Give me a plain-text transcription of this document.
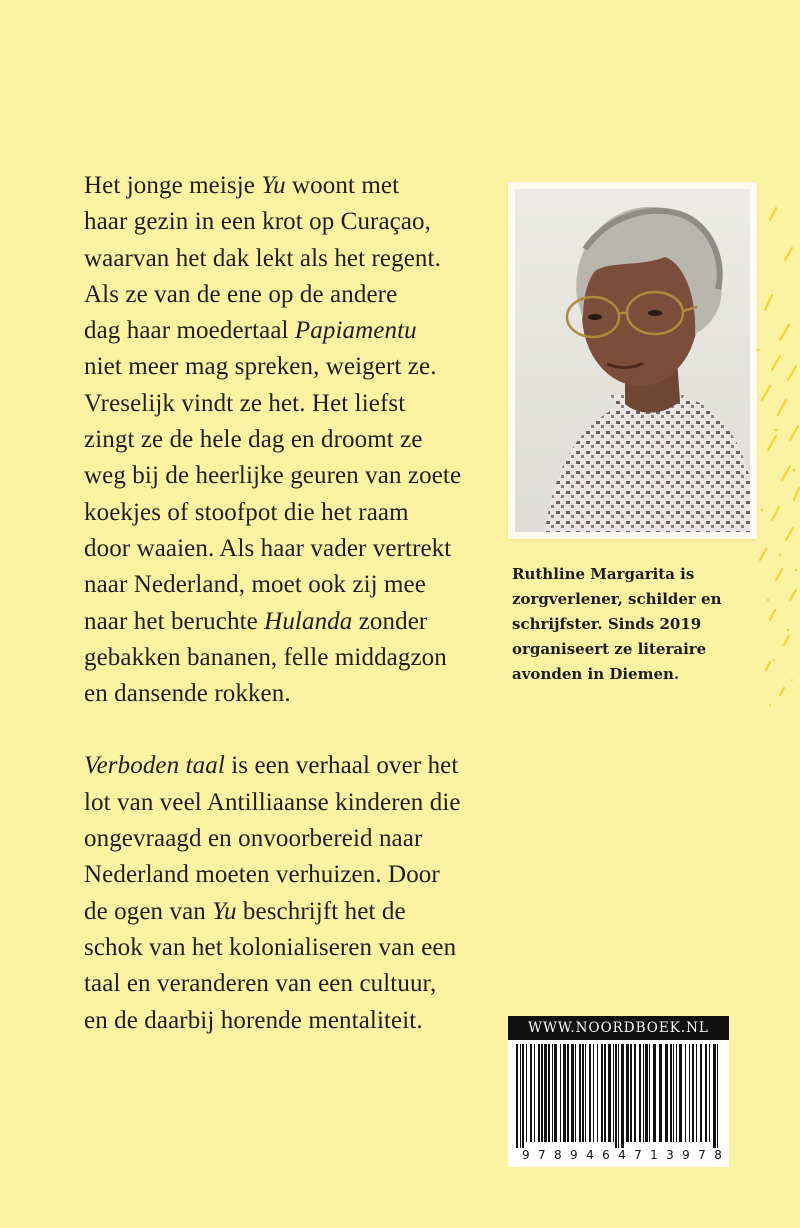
Het jonge meisje Yu woont met
haar gezin in een krot op Curaçao,
waarvan het dak lekt als het regent.
Als ze van de ene op de andere
dag haar moedertaal Papiamentu
niet meer mag spreken, weigert ze.
Vreselijk vindt ze het. Het liefst
zingt ze de hele dag en droomt ze
weg bij de heerlijke geuren van zoete
koekjes of stoofpot die het raam
door waaien. Als haar vader vertrekt
naar Nederland, moet ook zij mee
naar het beruchte Hulanda zonder
gebakken bananen, felle middagzon
en dansende rokken.

Verboden taal is een verhaal over het
lot van veel Antilliaanse kinderen die
ongevraagd en onvoorbereid naar
Nederland moeten verhuizen. Door
de ogen van Yu beschrijft het de
schok van het kolonialiseren van een
taal en veranderen van een cultuur,
en de daarbij horende mentaliteit.

Ruthline Margarita is
zorgverlener, schilder en
schrijfster. Sinds 2019
organiseert ze literaire
avonden in Diemen.
WWW.NOORDBOEK.NL
9 7 8 9 4 6 4 7 1 3 9 7 8
